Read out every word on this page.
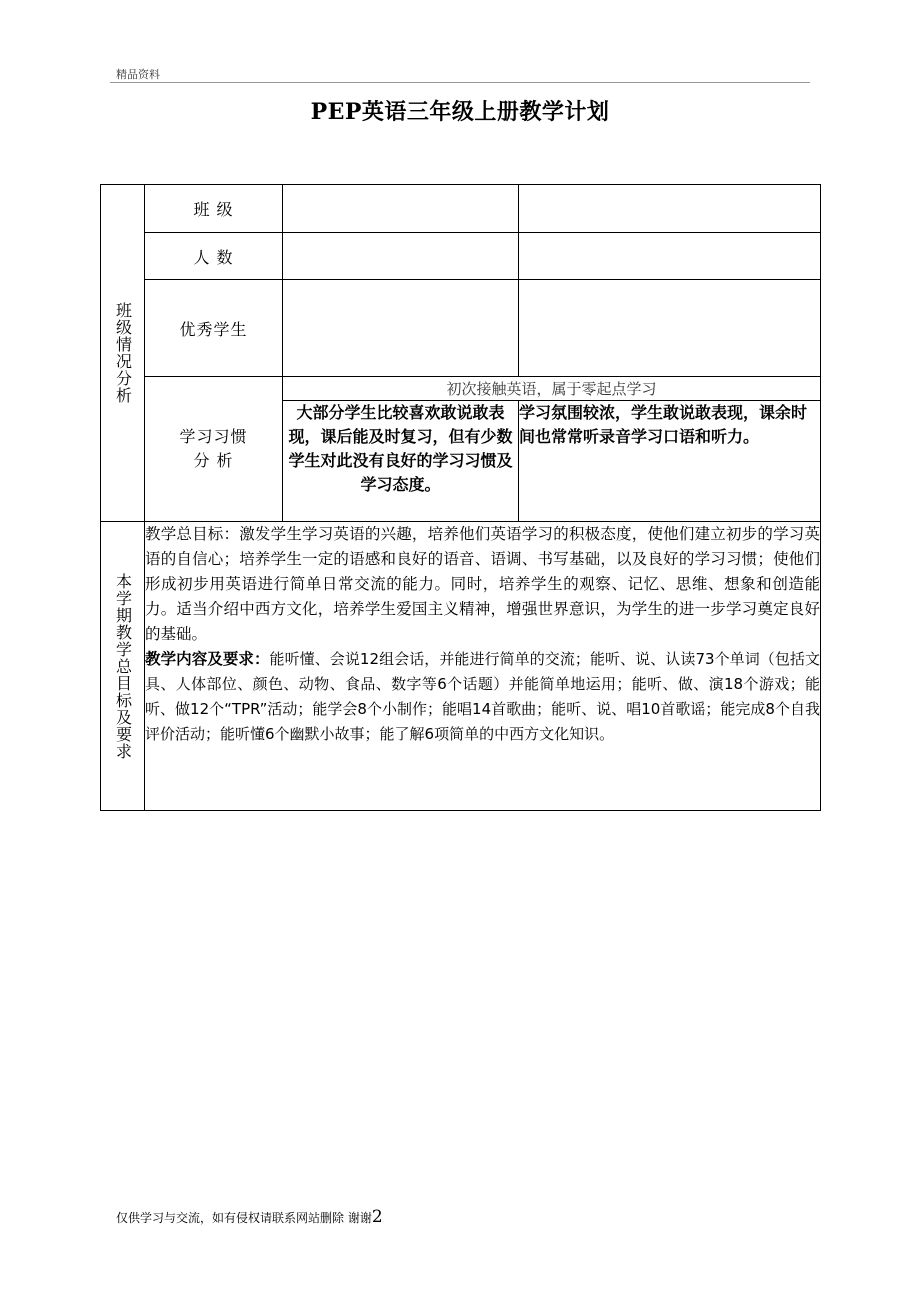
精品资料
PEP英语三年级上册教学计划
班级情况分析	班 级		
	人 数		
	优秀学生		

	学习习惯
分 析	初次接触英语，属于零起点学习	
		大部分学生比较喜欢敢说敢表现，课后能及时复习，但有少数学生对此没有良好的学习习惯及学习态度。	学习氛围较浓，学生敢说敢表现，课余时间也常常听录音学习口语和听力。

本学期教学总目标及要求	教学总目标：激发学生学习英语的兴趣，培养他们英语学习的积极态度，使他们建立初步的学习英语的自信心；培养学生一定的语感和良好的语音、语调、书写基础，以及良好的学习习惯；使他们形成初步用英语进行简单日常交流的能力。同时，培养学生的观察、记忆、思维、想象和创造能力。适当介绍中西方文化，培养学生爱国主义精神，增强世界意识，为学生的进一步学习奠定良好的基础。
教学内容及要求：能听懂、会说12组会话，并能进行简单的交流；能听、说、认读73个单词（包括文具、人体部位、颜色、动物、食品、数字等6个话题）并能简单地运用；能听、做、演18个游戏；能听、做12个“TPR”活动；能学会8个小制作；能唱14首歌曲；能听、说、唱10首歌谣；能完成8个自我评价活动；能听懂6个幽默小故事；能了解6项简单的中西方文化知识。		
仅供学习与交流，如有侵权请联系网站删除 谢谢2
